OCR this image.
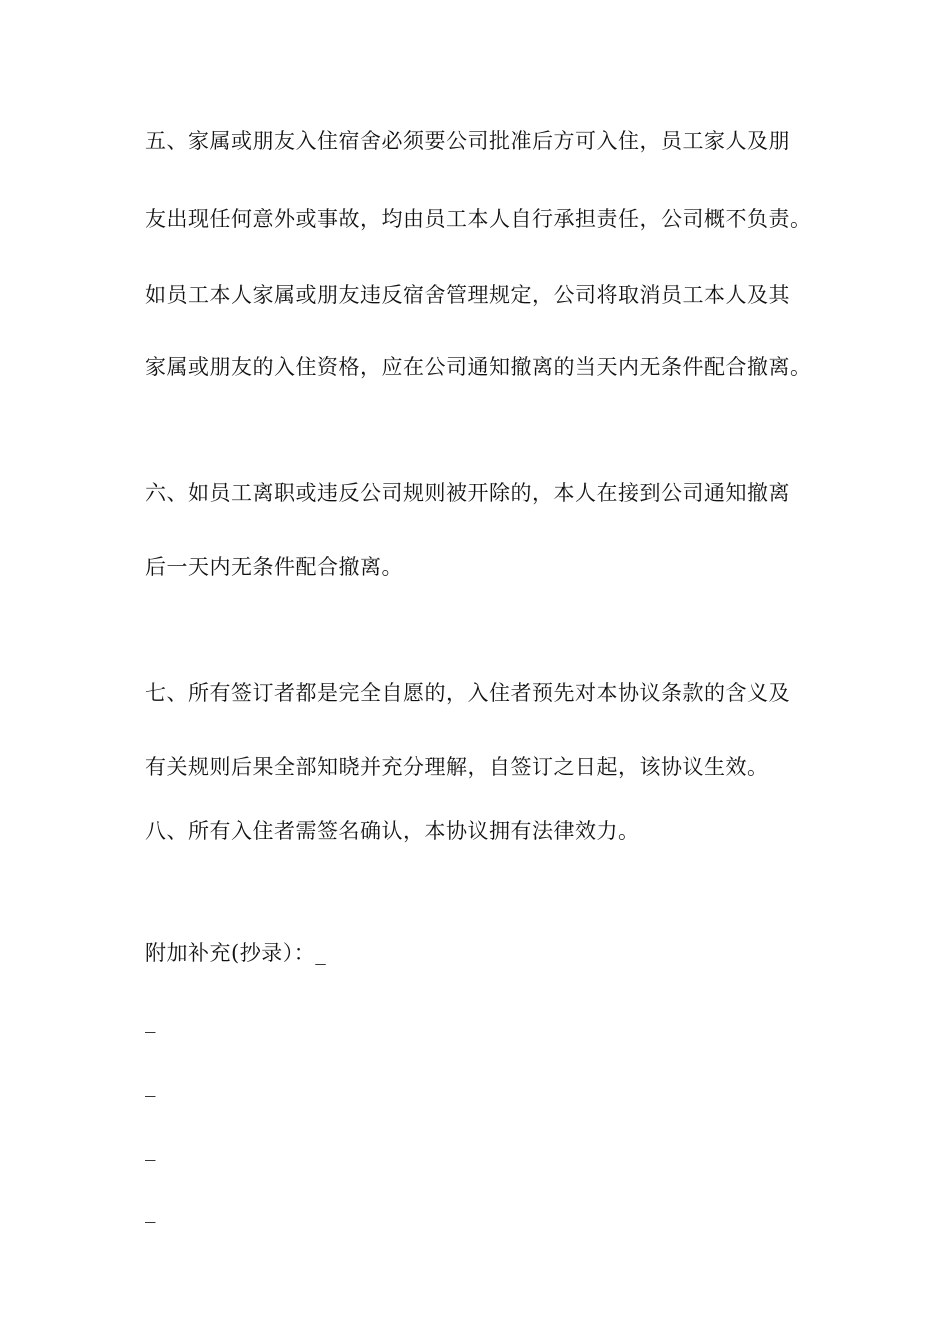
五、家属或朋友入住宿舍必须要公司批准后方可入住，员工家人及朋
友出现任何意外或事故，均由员工本人自行承担责任，公司概不负责。
如员工本人家属或朋友违反宿舍管理规定，公司将取消员工本人及其
家属或朋友的入住资格，应在公司通知撤离的当天内无条件配合撤离。
六、如员工离职或违反公司规则被开除的，本人在接到公司通知撤离
后一天内无条件配合撤离。
七、所有签订者都是完全自愿的，入住者预先对本协议条款的含义及
有关规则后果全部知晓并充分理解，自签订之日起，该协议生效。
八、所有入住者需签名确认，本协议拥有法律效力。
附加补充(抄录）：_
_
_
_
_
